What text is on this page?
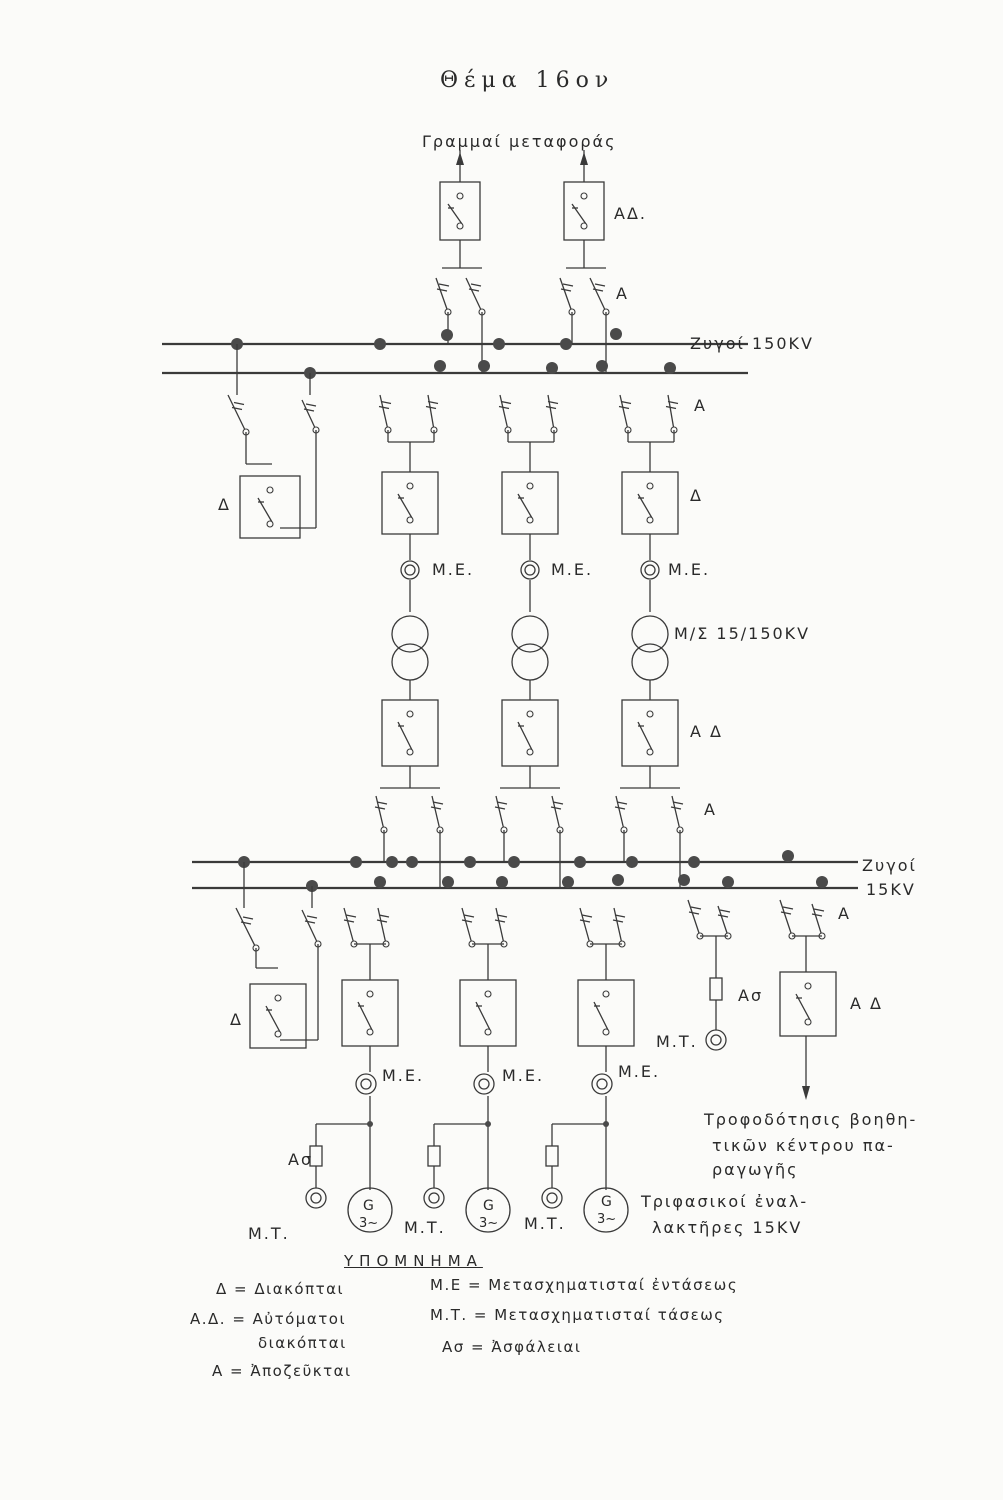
Θέμα 16ον
Γραμμαί μεταφοράς
ΑΔ.
Α
Ζυγοί 150KV
Α
Δ	Δ
Μ.Ε.	Μ.Ε.	Μ.Ε.
Μ/Σ 15/150KV
Α Δ
Α
Ζυγοί
15KV
Α
Δ
Ασ	Α Δ
Μ.Τ.
Μ.Ε.	Μ.Ε.	Μ.Ε.
Τροφοδότησις βοηθη-
τικῶν κέντρου πα-
ραγωγῆς
Ασ
Μ.Τ.	Μ.Τ.	Μ.Τ.
Τριφασικοί ἐναλ-
λακτῆρες 15KV
G
3~
G
3~
G
3~
ΥΠΟΜΝΗΜΑ
Δ = Διακόπται
Α.Δ. = Αὐτόματοι
διακόπται
Α = Ἀποζεῦκται
Μ.Ε = Μετασχηματισταί ἐντάσεως
Μ.Τ. = Μετασχηματισταί τάσεως
Ασ = Ἀσφάλειαι
